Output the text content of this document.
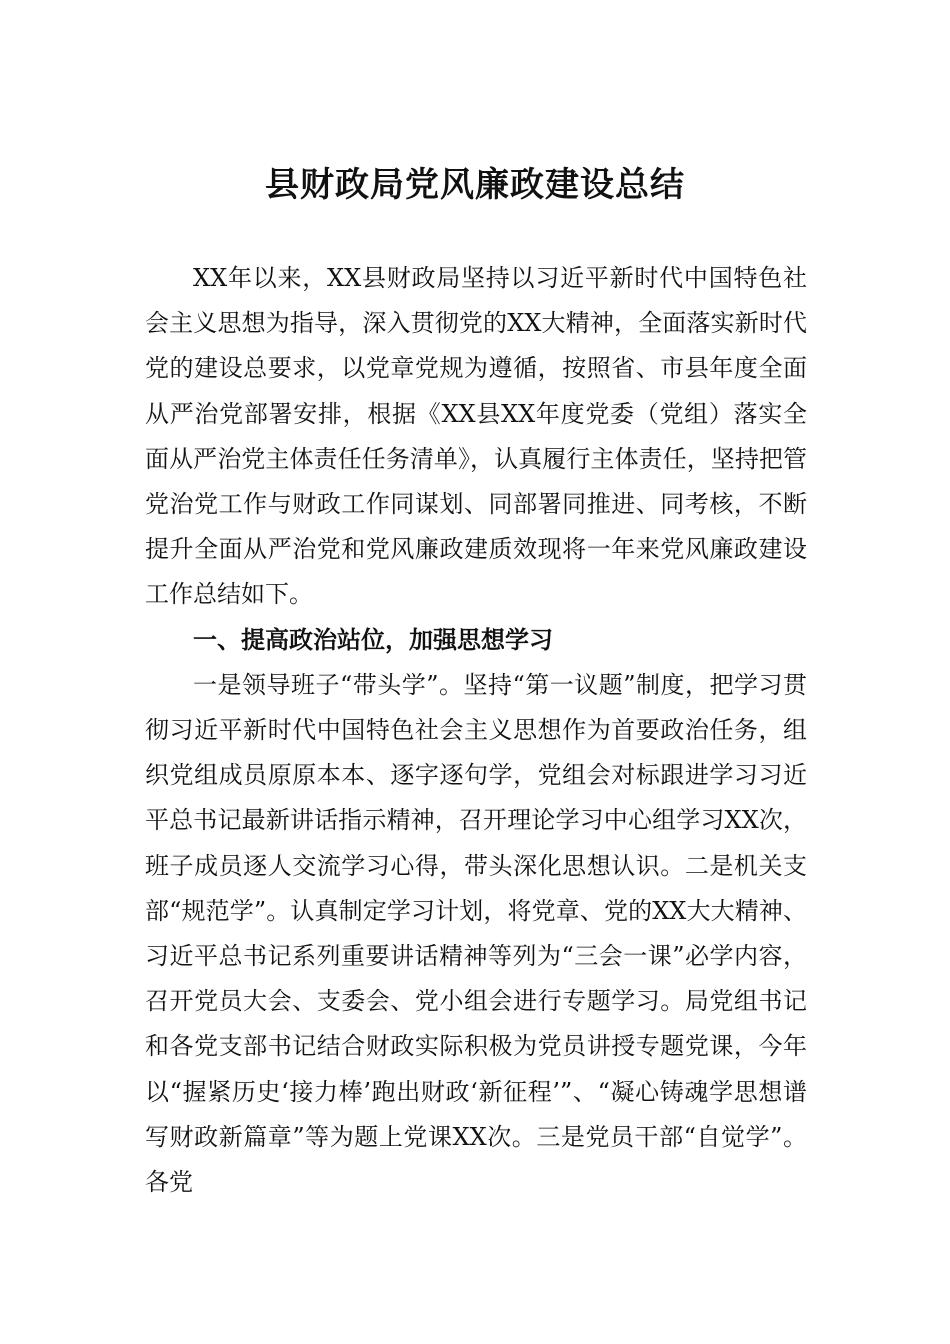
县财政局党风廉政建设总结

XX年以来，XX县财政局坚持以习近平新时代中国特色社会主义思想为指导，深入贯彻党的XX大精神，全面落实新时代党的建设总要求，以党章党规为遵循，按照省、市县年度全面从严治党部署安排，根据《XX县XX年度党委（党组）落实全面从严治党主体责任任务清单》，认真履行主体责任，坚持把管党治党工作与财政工作同谋划、同部署同推进、同考核，不断提升全面从严治党和党风廉政建质效现将一年来党风廉政建设工作总结如下。

一、提高政治站位，加强思想学习

一是领导班子“带头学”。坚持“第一议题”制度，把学习贯彻习近平新时代中国特色社会主义思想作为首要政治任务，组织党组成员原原本本、逐字逐句学，党组会对标跟进学习习近平总书记最新讲话指示精神，召开理论学习中心组学习XX次，班子成员逐人交流学习心得，带头深化思想认识。二是机关支部“规范学”。认真制定学习计划，将党章、党的XX大大精神、习近平总书记系列重要讲话精神等列为“三会一课”必学内容，召开党员大会、支委会、党小组会进行专题学习。局党组书记和各党支部书记结合财政实际积极为党员讲授专题党课，今年以“握紧历史‘接力棒’跑出财政‘新征程’”、“凝心铸魂学思想谱写财政新篇章”等为题上党课XX次。三是党员干部“自觉学”。各党
